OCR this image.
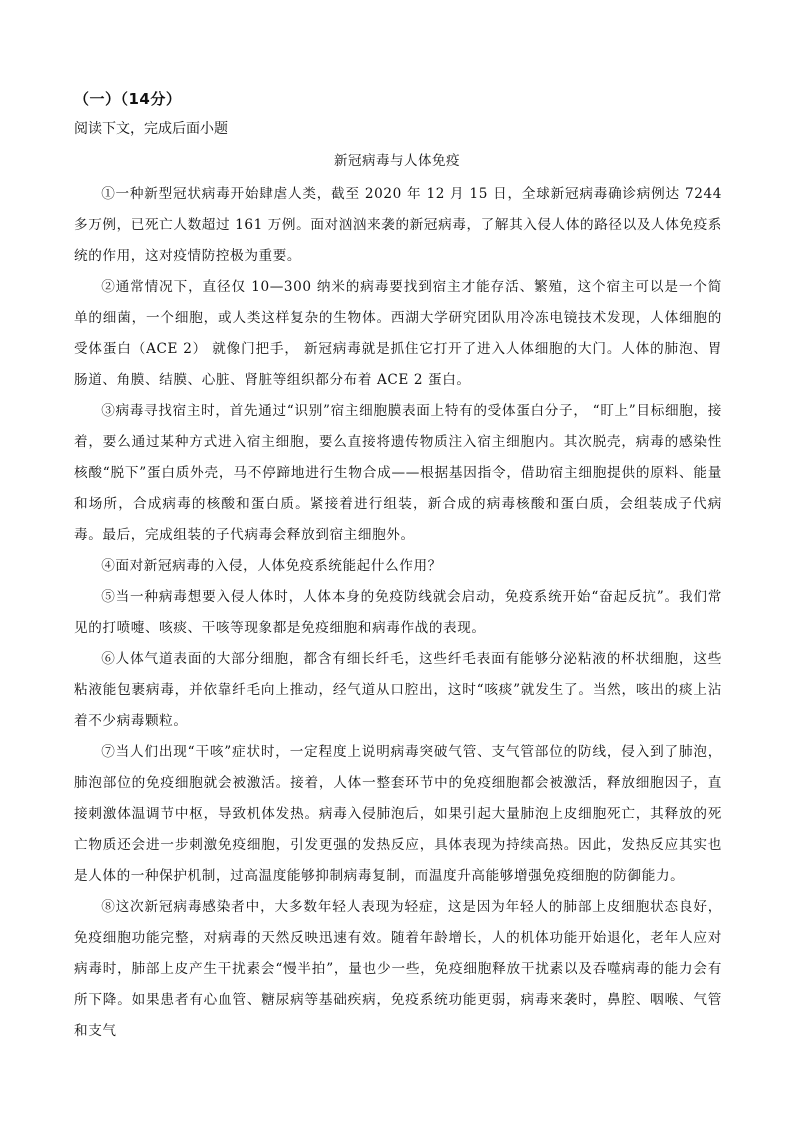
（一）（14分）
阅读下文，完成后面小题
新冠病毒与人体免疫

①一种新型冠状病毒开始肆虐人类，截至 2020 年 12 月 15 日，全球新冠病毒确诊病例达 7244 多万例，已死亡人数超过 161 万例。面对汹汹来袭的新冠病毒，了解其入侵人体的路径以及人体免疫系统的作用，这对疫情防控极为重要。

②通常情况下，直径仅 10—300 纳米的病毒要找到宿主才能存活、繁殖，这个宿主可以是一个简单的细菌，一个细胞，或人类这样复杂的生物体。西湖大学研究团队用冷冻电镜技术发现，人体细胞的受体蛋白（ACE 2） 就像门把手， 新冠病毒就是抓住它打开了进入人体细胞的大门。人体的肺泡、胃肠道、角膜、结膜、心脏、肾脏等组织都分布着 ACE 2 蛋白。

③病毒寻找宿主时，首先通过“识别”宿主细胞膜表面上特有的受体蛋白分子， “盯上”目标细胞，接着，要么通过某种方式进入宿主细胞，要么直接将遗传物质注入宿主细胞内。其次脱壳，病毒的感染性核酸“脱下”蛋白质外壳，马不停蹄地进行生物合成——根据基因指令，借助宿主细胞提供的原料、能量和场所，合成病毒的核酸和蛋白质。紧接着进行组装，新合成的病毒核酸和蛋白质，会组装成子代病毒。最后，完成组装的子代病毒会释放到宿主细胞外。

④面对新冠病毒的入侵，人体免疫系统能起什么作用？

⑤当一种病毒想要入侵人体时，人体本身的免疫防线就会启动，免疫系统开始“奋起反抗”。我们常见的打喷嚏、咳痰、干咳等现象都是免疫细胞和病毒作战的表现。

⑥人体气道表面的大部分细胞，都含有细长纤毛，这些纤毛表面有能够分泌粘液的杯状细胞，这些粘液能包裹病毒，并依靠纤毛向上推动，经气道从口腔出，这时“咳痰”就发生了。当然，咳出的痰上沾着不少病毒颗粒。

⑦当人们出现“干咳”症状时，一定程度上说明病毒突破气管、支气管部位的防线，侵入到了肺泡，肺泡部位的免疫细胞就会被激活。接着，人体一整套环节中的免疫细胞都会被激活，释放细胞因子，直接刺激体温调节中枢，导致机体发热。病毒入侵肺泡后，如果引起大量肺泡上皮细胞死亡，其释放的死亡物质还会进一步刺激免疫细胞，引发更强的发热反应，具体表现为持续高热。因此，发热反应其实也是人体的一种保护机制，过高温度能够抑制病毒复制，而温度升高能够增强免疫细胞的防御能力。

⑧这次新冠病毒感染者中，大多数年轻人表现为轻症，这是因为年轻人的肺部上皮细胞状态良好，免疫细胞功能完整，对病毒的天然反映迅速有效。随着年龄增长，人的机体功能开始退化，老年人应对病毒时，肺部上皮产生干扰素会“慢半拍”，量也少一些，免疫细胞释放干扰素以及吞噬病毒的能力会有所下降。如果患者有心血管、糖尿病等基础疾病，免疫系统功能更弱，病毒来袭时，鼻腔、咽喉、气管和支气
